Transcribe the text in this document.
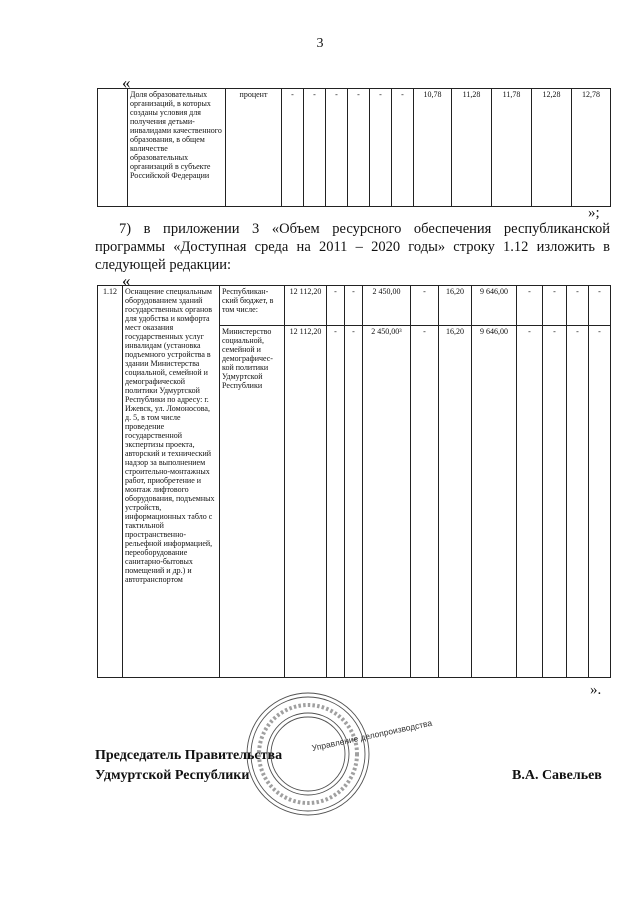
3
«
	Доля образовательных организаций, в которых созданы условия для получения детьми-инвалидами качественного образования, в общем количестве образовательных организаций в субъекте Российской Федерации	процент	-	-	-	-	-	-	10,78	11,28	11,78	12,28	12,78
»;
7) в приложении 3 «Объем ресурсного обеспечения республиканской программы «Доступная среда на 2011 – 2020 годы» строку 1.12 изложить в следующей редакции:
«
1.12	Оснащение специальным оборудованием зданий государственных органов для удобства и комфорта мест оказания государственных услуг инвалидам (установка подъемного устройства в здании Министерства социальной, семейной и демографической политики Удмуртской Республики по адресу: г. Ижевск, ул. Ломоносова, д. 5, в том числе проведение государственной экспертизы проекта, авторский и технический надзор за выполнением строительно-монтажных работ, приобретение и монтаж лифтового оборудования, подъемных устройств, информационных табло с тактильной пространственно-рельефной информацией, переоборудование санитарно-бытовых помещений и др.) и автотранспортом	Республикан-ский бюджет, в том числе:	12 112,20	-	-	2 450,00	-	16,20	9 646,00	-	-	-	-
		Министерство социальной, семейной и демографичес-кой политики Удмуртской Республики	12 112,20	-	-	2 450,00³	-	16,20	9 646,00	-	-	-	-
».
Управление делопроизводства
Председатель Правительства
Удмуртской Республики	В.А. Савельев
